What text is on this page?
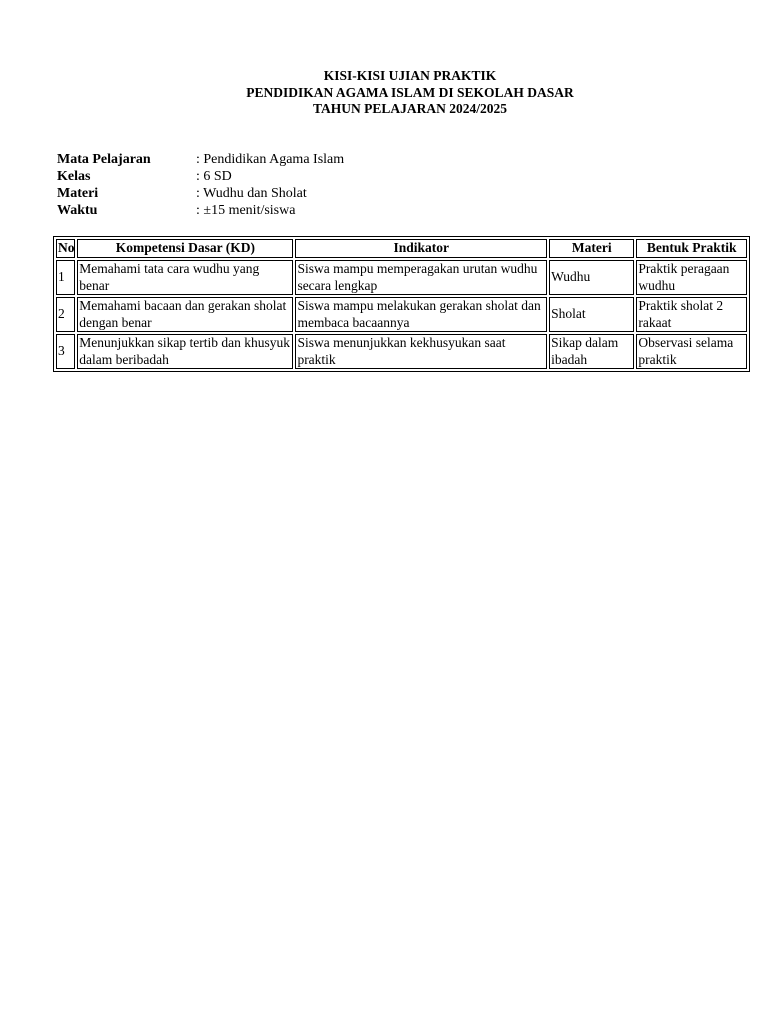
KISI-KISI UJIAN PRAKTIK
PENDIDIKAN AGAMA ISLAM DI SEKOLAH DASAR
TAHUN PELAJARAN 2024/2025
Mata Pelajaran	: Pendidikan Agama Islam
Kelas	: 6 SD
Materi	: Wudhu dan Sholat
Waktu	: ±15 menit/siswa
No	Kompetensi Dasar (KD)	Indikator	Materi	Bentuk Praktik
1	Memahami tata cara wudhu yang benar	Siswa mampu memperagakan urutan wudhu secara lengkap	Wudhu	Praktik peragaan wudhu
2	Memahami bacaan dan gerakan sholat dengan benar	Siswa mampu melakukan gerakan sholat dan membaca bacaannya	Sholat	Praktik sholat 2 rakaat
3	Menunjukkan sikap tertib dan khusyuk dalam beribadah	Siswa menunjukkan kekhusyukan saat praktik	Sikap dalam ibadah	Observasi selama praktik
